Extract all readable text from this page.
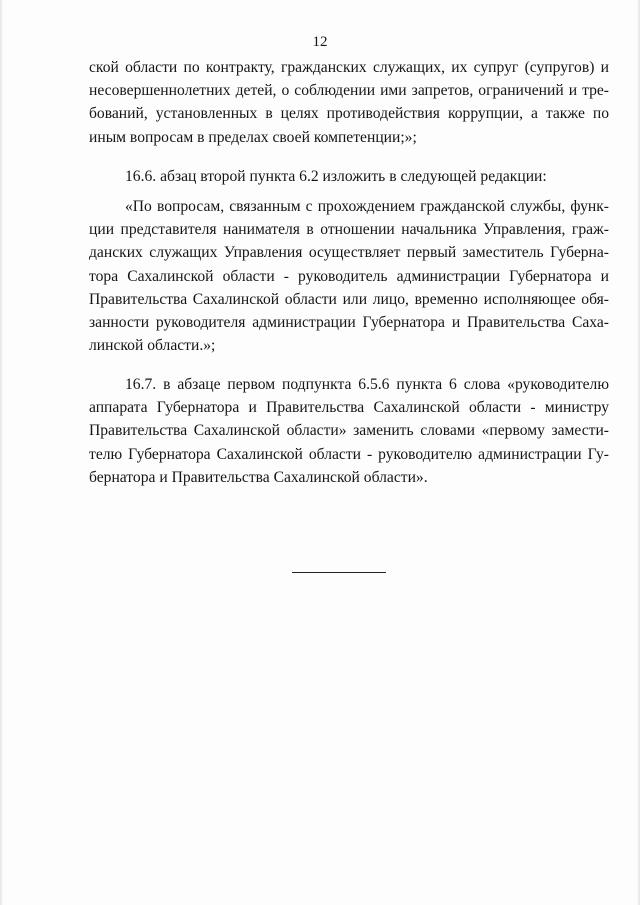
12
ской области по контракту, гражданских служащих, их супруг (супругов) и
несовершеннолетних детей, о соблюдении ими запретов, ограничений и тре-
бований, установленных в целях противодействия коррупции, а также по
иным вопросам в пределах своей компетенции;»;
16.6. абзац второй пункта 6.2 изложить в следующей редакции:
«По вопросам, связанным с прохождением гражданской службы, функ-
ции представителя нанимателя в отношении начальника Управления, граж-
данских служащих Управления осуществляет первый заместитель Губерна-
тора Сахалинской области - руководитель администрации Губернатора и
Правительства Сахалинской области или лицо, временно исполняющее обя-
занности руководителя администрации Губернатора и Правительства Саха-
линской области.»;
16.7. в абзаце первом подпункта 6.5.6 пункта 6 слова «руководителю
аппарата Губернатора и Правительства Сахалинской области - министру
Правительства Сахалинской области» заменить словами «первому замести-
телю Губернатора Сахалинской области - руководителю администрации Гу-
бернатора и Правительства Сахалинской области».
